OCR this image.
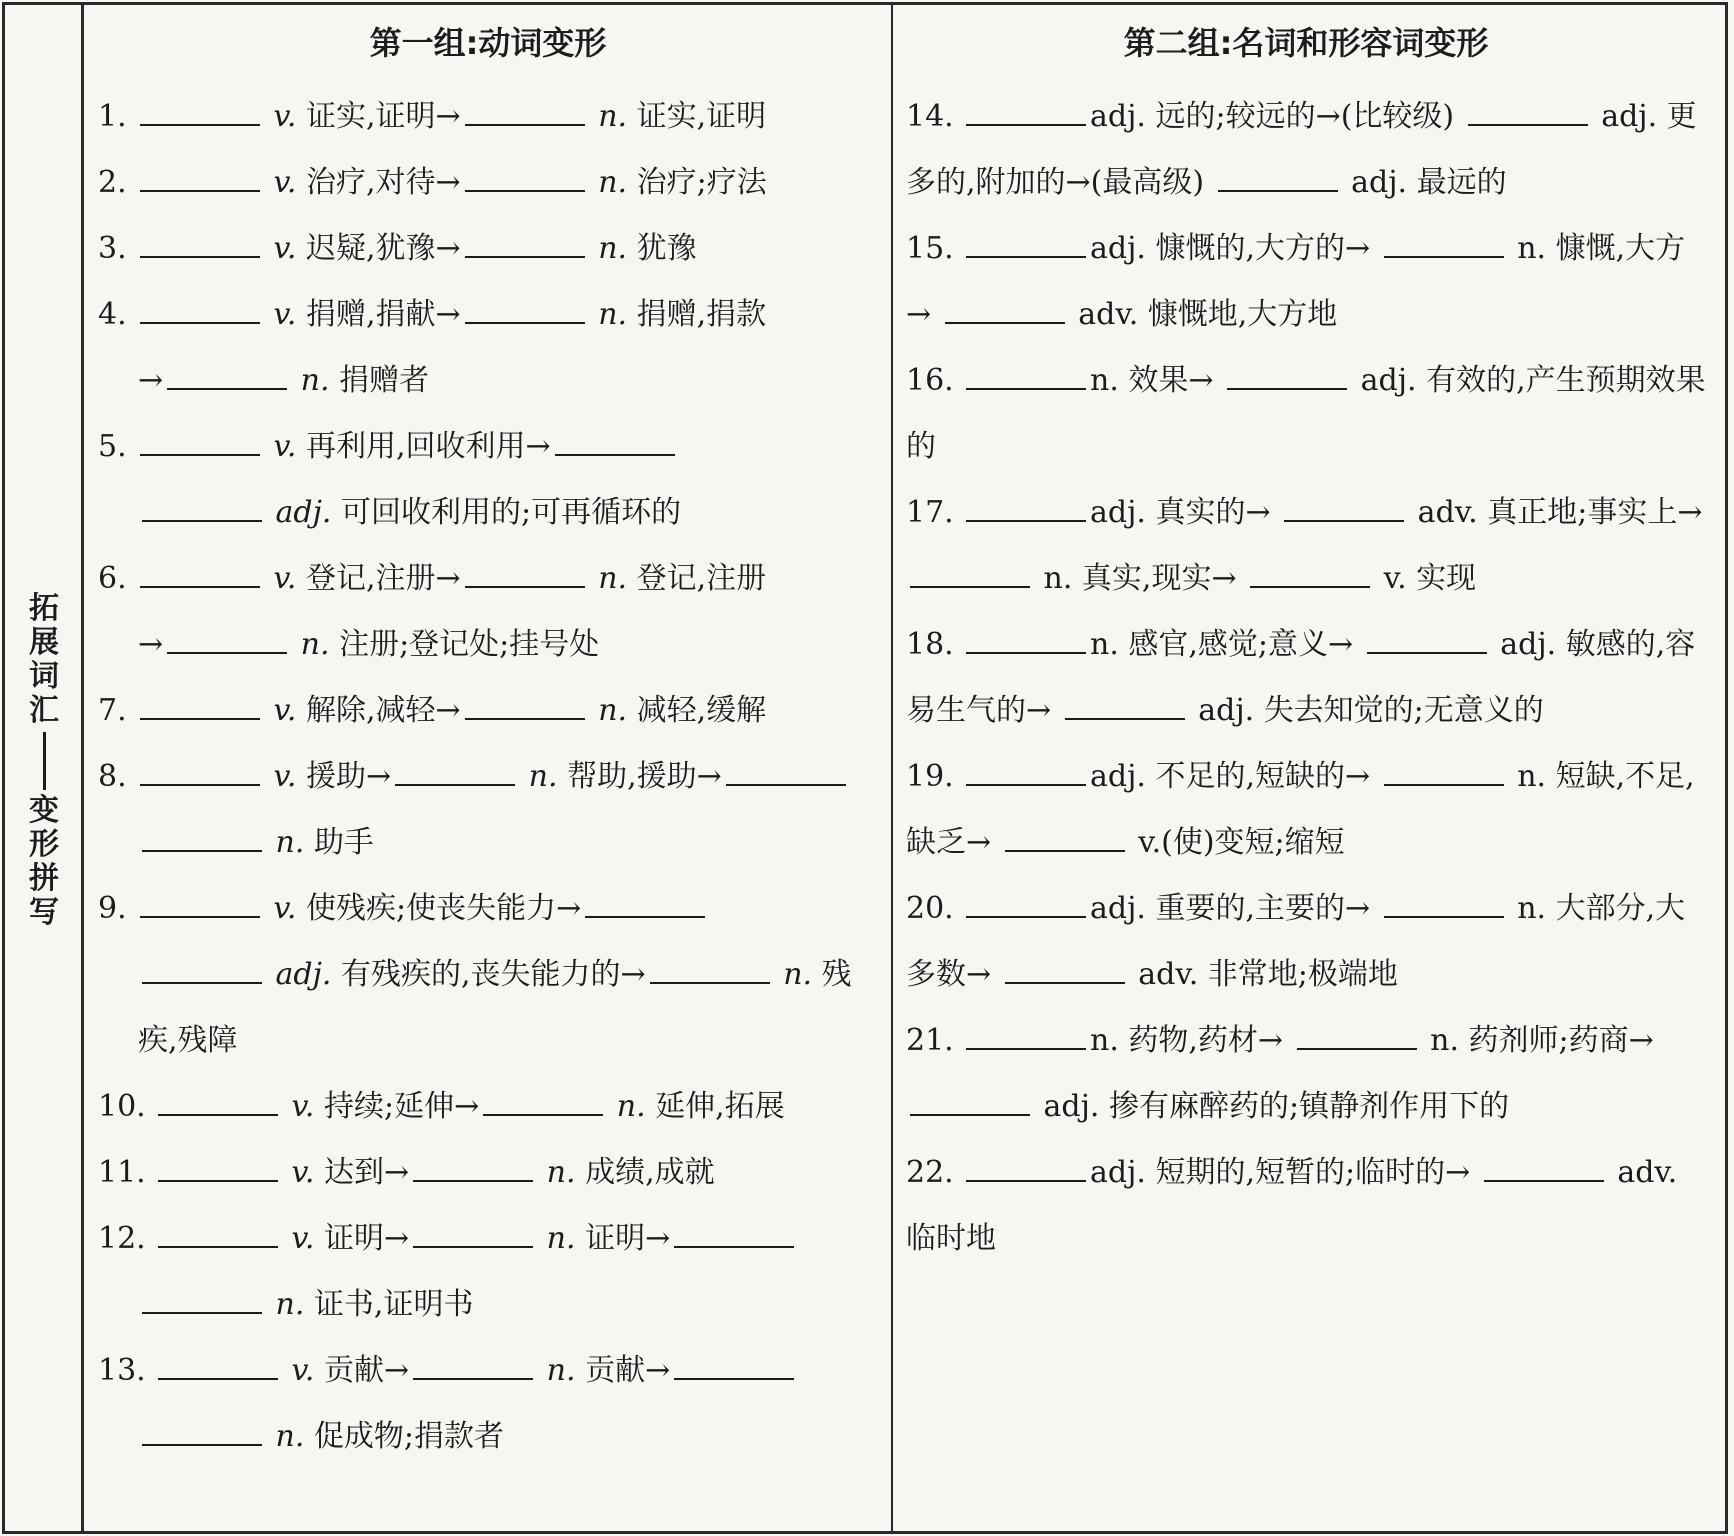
拓
展
词
汇
变
形
拼
写
第一组:动词变形
1.	v. 证实,证明→	n. 证实,证明
2.	v. 治疗,对待→	n. 治疗;疗法
3.	v. 迟疑,犹豫→	n. 犹豫
4.	v. 捐赠,捐献→	n. 捐赠,捐款
→	n. 捐赠者
5.	v. 再利用,回收利用→
adj. 可回收利用的;可再循环的
6.	v. 登记,注册→	n. 登记,注册
→	n. 注册;登记处;挂号处
7.	v. 解除,减轻→	n. 减轻,缓解
8.	v. 援助→	n. 帮助,援助→
n. 助手
9.	v. 使残疾;使丧失能力→
adj. 有残疾的,丧失能力的→	n. 残疾,残障
10.	v. 持续;延伸→	n. 延伸,拓展
11.	v. 达到→	n. 成绩,成就
12.	v. 证明→	n. 证明→
n. 证书,证明书
13.	v. 贡献→	n. 贡献→
n. 促成物;捐款者
第二组:名词和形容词变形
14.	adj. 远的;较远的→(比较级)	adj. 更多的,附加的→(最高级)	adj. 最远的
15.	adj. 慷慨的,大方的→	n. 慷慨,大方→	adv. 慷慨地,大方地
16.	n. 效果→	adj. 有效的,产生预期效果的
17.	adj. 真实的→	adv. 真正地;事实上→  n. 真实,现实→	v. 实现
18.	n. 感官,感觉;意义→	adj. 敏感的,容易生气的→	adj. 失去知觉的;无意义的
19.	adj. 不足的,短缺的→	n. 短缺,不足,缺乏→	v.(使)变短;缩短
20.	adj. 重要的,主要的→	n. 大部分,大多数→	adv. 非常地;极端地
21.	n. 药物,药材→	n. 药剂师;药商→  adj. 掺有麻醉药的;镇静剂作用下的
22.	adj. 短期的,短暂的;临时的→	adv. 临时地
